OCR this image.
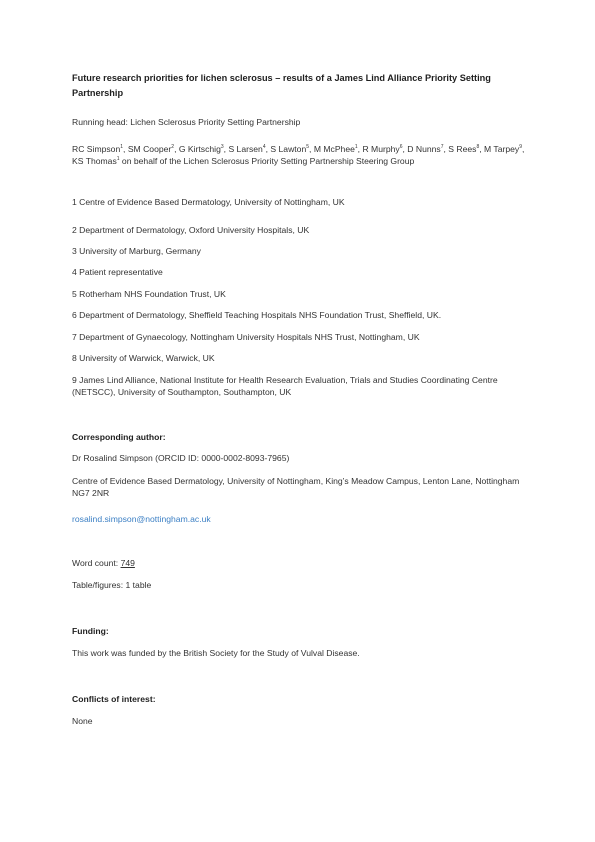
Future research priorities for lichen sclerosus – results of a James Lind Alliance Priority Setting Partnership

Running head: Lichen Sclerosus Priority Setting Partnership

RC Simpson$^1$, SM Cooper$^2$, G Kirtschig$^3$, S Larsen$^4$, S Lawton$^5$, M McPhee$^1$, R Murphy$^6$, D Nunns$^7$, S Rees$^8$, M Tarpey$^9$, KS Thomas$^1$ on behalf of the Lichen Sclerosus Priority Setting Partnership Steering Group

1 Centre of Evidence Based Dermatology, University of Nottingham, UK

2 Department of Dermatology, Oxford University Hospitals, UK

3 University of Marburg, Germany

4 Patient representative

5 Rotherham NHS Foundation Trust, UK

6 Department of Dermatology, Sheffield Teaching Hospitals NHS Foundation Trust, Sheffield, UK.

7 Department of Gynaecology, Nottingham University Hospitals NHS Trust, Nottingham, UK

8 University of Warwick, Warwick, UK

9 James Lind Alliance, National Institute for Health Research Evaluation, Trials and Studies Coordinating Centre (NETSCC), University of Southampton, Southampton, UK

Corresponding author:

Dr Rosalind Simpson (ORCID ID: 0000-0002-8093-7965)

Centre of Evidence Based Dermatology, University of Nottingham, King’s Meadow Campus, Lenton Lane, Nottingham NG7 2NR

rosalind.simpson@nottingham.ac.uk

Word count: 749

Table/figures: 1 table

Funding:

This work was funded by the British Society for the Study of Vulval Disease.

Conflicts of interest:

None
